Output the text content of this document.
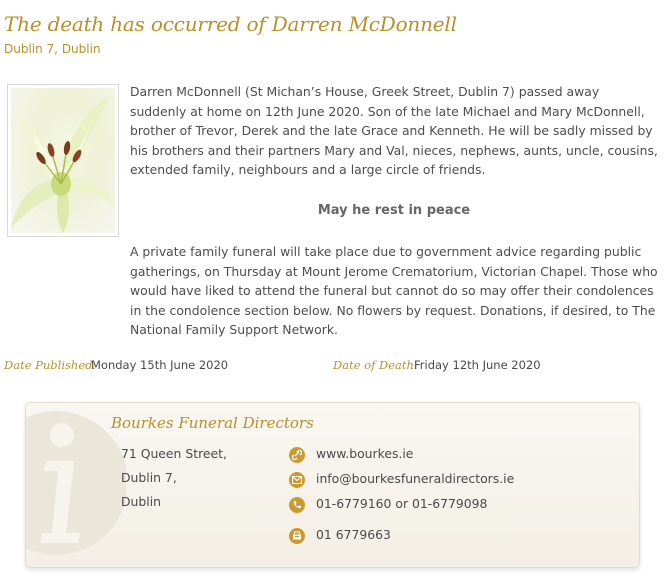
The death has occurred of Darren McDonnell
Dublin 7, Dublin
Darren McDonnell (St Michan’s House, Greek Street, Dublin 7) passed away suddenly at home on 12th June 2020. Son of the late Michael and Mary McDonnell, brother of Trevor, Derek and the late Grace and Kenneth. He will be sadly missed by his brothers and their partners Mary and Val, nieces, nephews, aunts, uncle, cousins, extended family, neighbours and a large circle of friends.
May he rest in peace
A private family funeral will take place due to government advice regarding public gatherings, on Thursday at Mount Jerome Crematorium, Victorian Chapel. Those who would have liked to attend the funeral but cannot do so may offer their condolences in the condolence section below. No flowers by request. Donations, if desired, to The National Family Support Network.
Date Published:
Monday 15th June 2020	Date of Death:
Friday 12th June 2020
Bourkes Funeral Directors
71 Queen Street,
Dublin 7,
Dublin
www.bourkes.ie
info@bourkesfuneraldirectors.ie
01-6779160 or 01-6779098
01 6779663
